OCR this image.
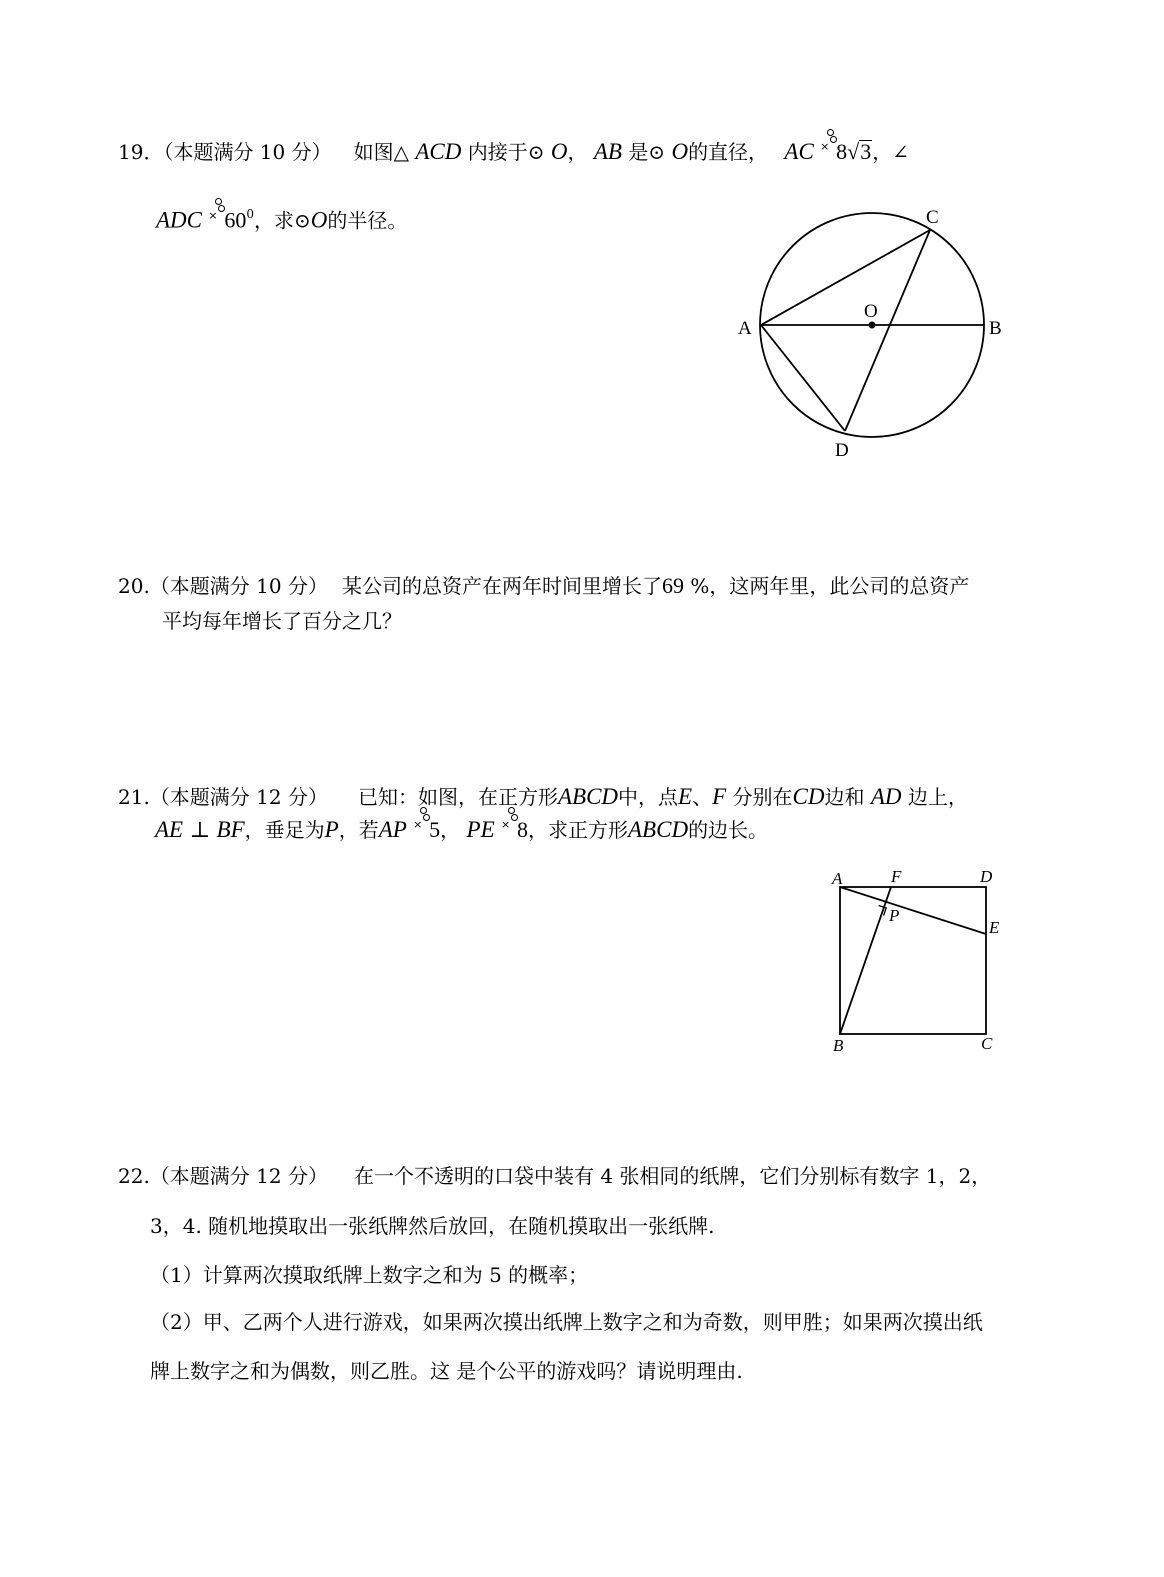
19．（本题满分 10 分） 如图△ ACD 内接于⊙ O， AB 是⊙ O的直径， AC × 8√3，∠
ADC × $60^0$，求⊙O的半径。
A	B
C
D
O
20.（本题满分 10 分） 某公司的总资产在两年时间里增长了69 %，这两年里，此公司的总资产
平均每年增长了百分之几？
21.（本题满分 12 分） 已知：如图，在正方形ABCD中，点E、F 分别在CD边和 AD 边上，
AE ⊥ BF，垂足为P，若AP × 5， PE × 8，求正方形ABCD的边长。
A	F	D
P
E
B	C
22.（本题满分 12 分） 在一个不透明的口袋中装有 4 张相同的纸牌，它们分别标有数字 1，2，
3，4. 随机地摸取出一张纸牌然后放回，在随机摸取出一张纸牌.
（1）计算两次摸取纸牌上数字之和为 5 的概率；
（2）甲、乙两个人进行游戏，如果两次摸出纸牌上数字之和为奇数，则甲胜；如果两次摸出纸
牌上数字之和为偶数，则乙胜。这 是个公平的游戏吗？请说明理由.
